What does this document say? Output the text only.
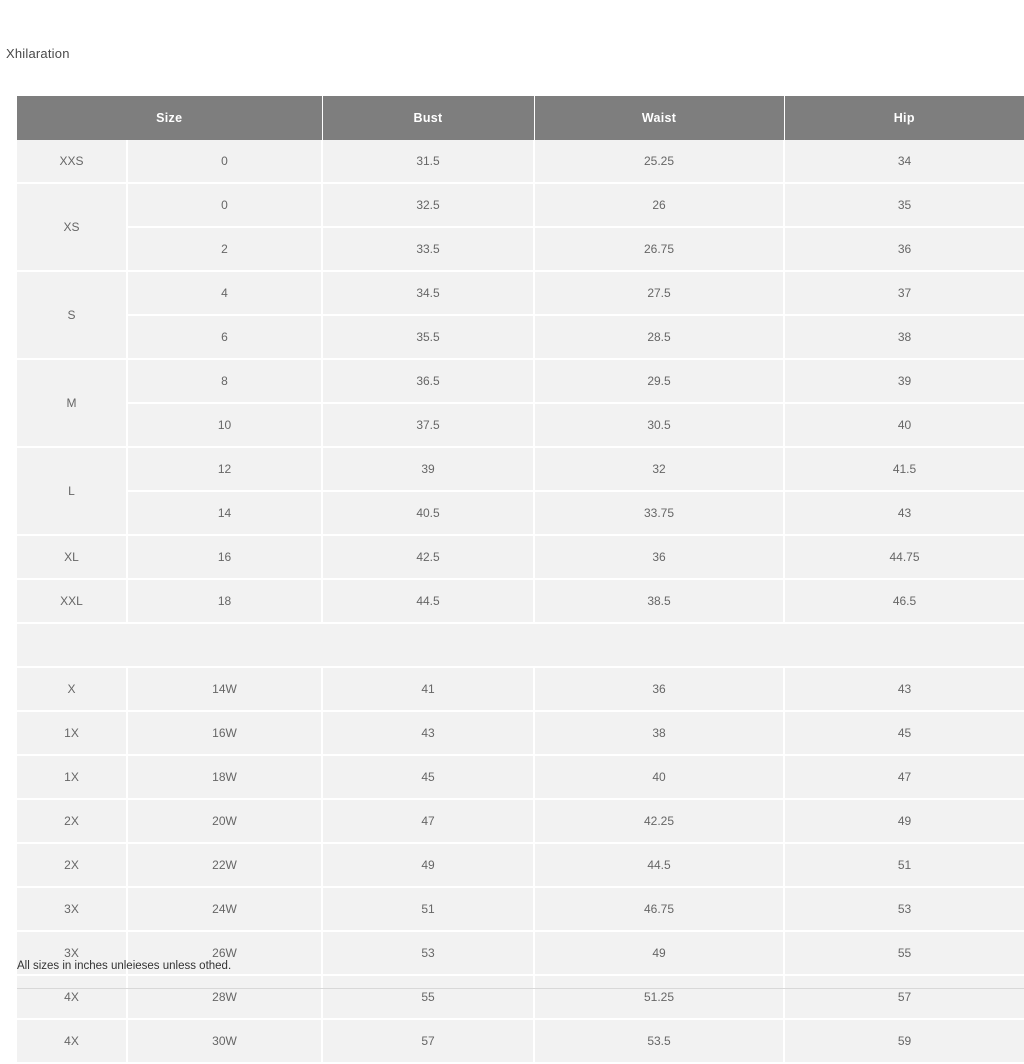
Xhilaration
Size		Bust	Waist	Hip
XXS	0	31.5	25.25	34
XS	0	32.5	26	35
	2	33.5	26.75	36
S	4	34.5	27.5	37
	6	35.5	28.5	38
M	8	36.5	29.5	39
	10	37.5	30.5	40
L	12	39	32	41.5
	14	40.5	33.75	43
XL	16	42.5	36	44.75
XXL	18	44.5	38.5	46.5

X	14W	41	36	43
1X	16W	43	38	45
1X	18W	45	40	47
2X	20W	47	42.25	49
2X	22W	49	44.5	51
3X	24W	51	46.75	53
3X	26W	53	49	55
4X	28W	55	51.25	57
4X	30W	57	53.5	59
All sizes in inches unleieses unless othed.
